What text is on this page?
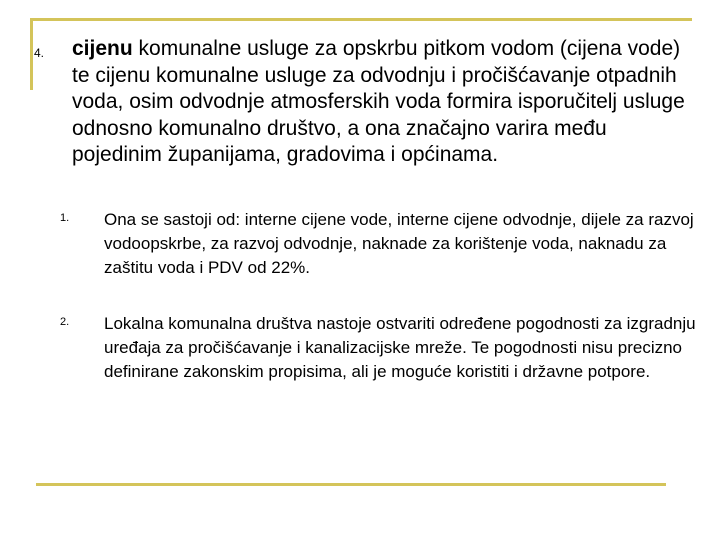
4. cijenu komunalne usluge za opskrbu pitkom vodom (cijena vode) te cijenu komunalne usluge za odvodnju i pročišćavanje otpadnih voda, osim odvodnje atmosferskih voda formira isporučitelj usluge odnosno komunalno društvo, a ona značajno varira među pojedinim županijama, gradovima i općinama.
1. Ona se sastoji od: interne cijene vode, interne cijene odvodnje, dijele za razvoj vodoopskrbe, za razvoj odvodnje, naknade za korištenje voda, naknadu za zaštitu voda i PDV od 22%.
2. Lokalna komunalna društva nastoje ostvariti određene pogodnosti za izgradnju uređaja za pročišćavanje i kanalizacijske mreže. Te pogodnosti nisu precizno definirane zakonskim propisima, ali je moguće koristiti i državne potpore.
